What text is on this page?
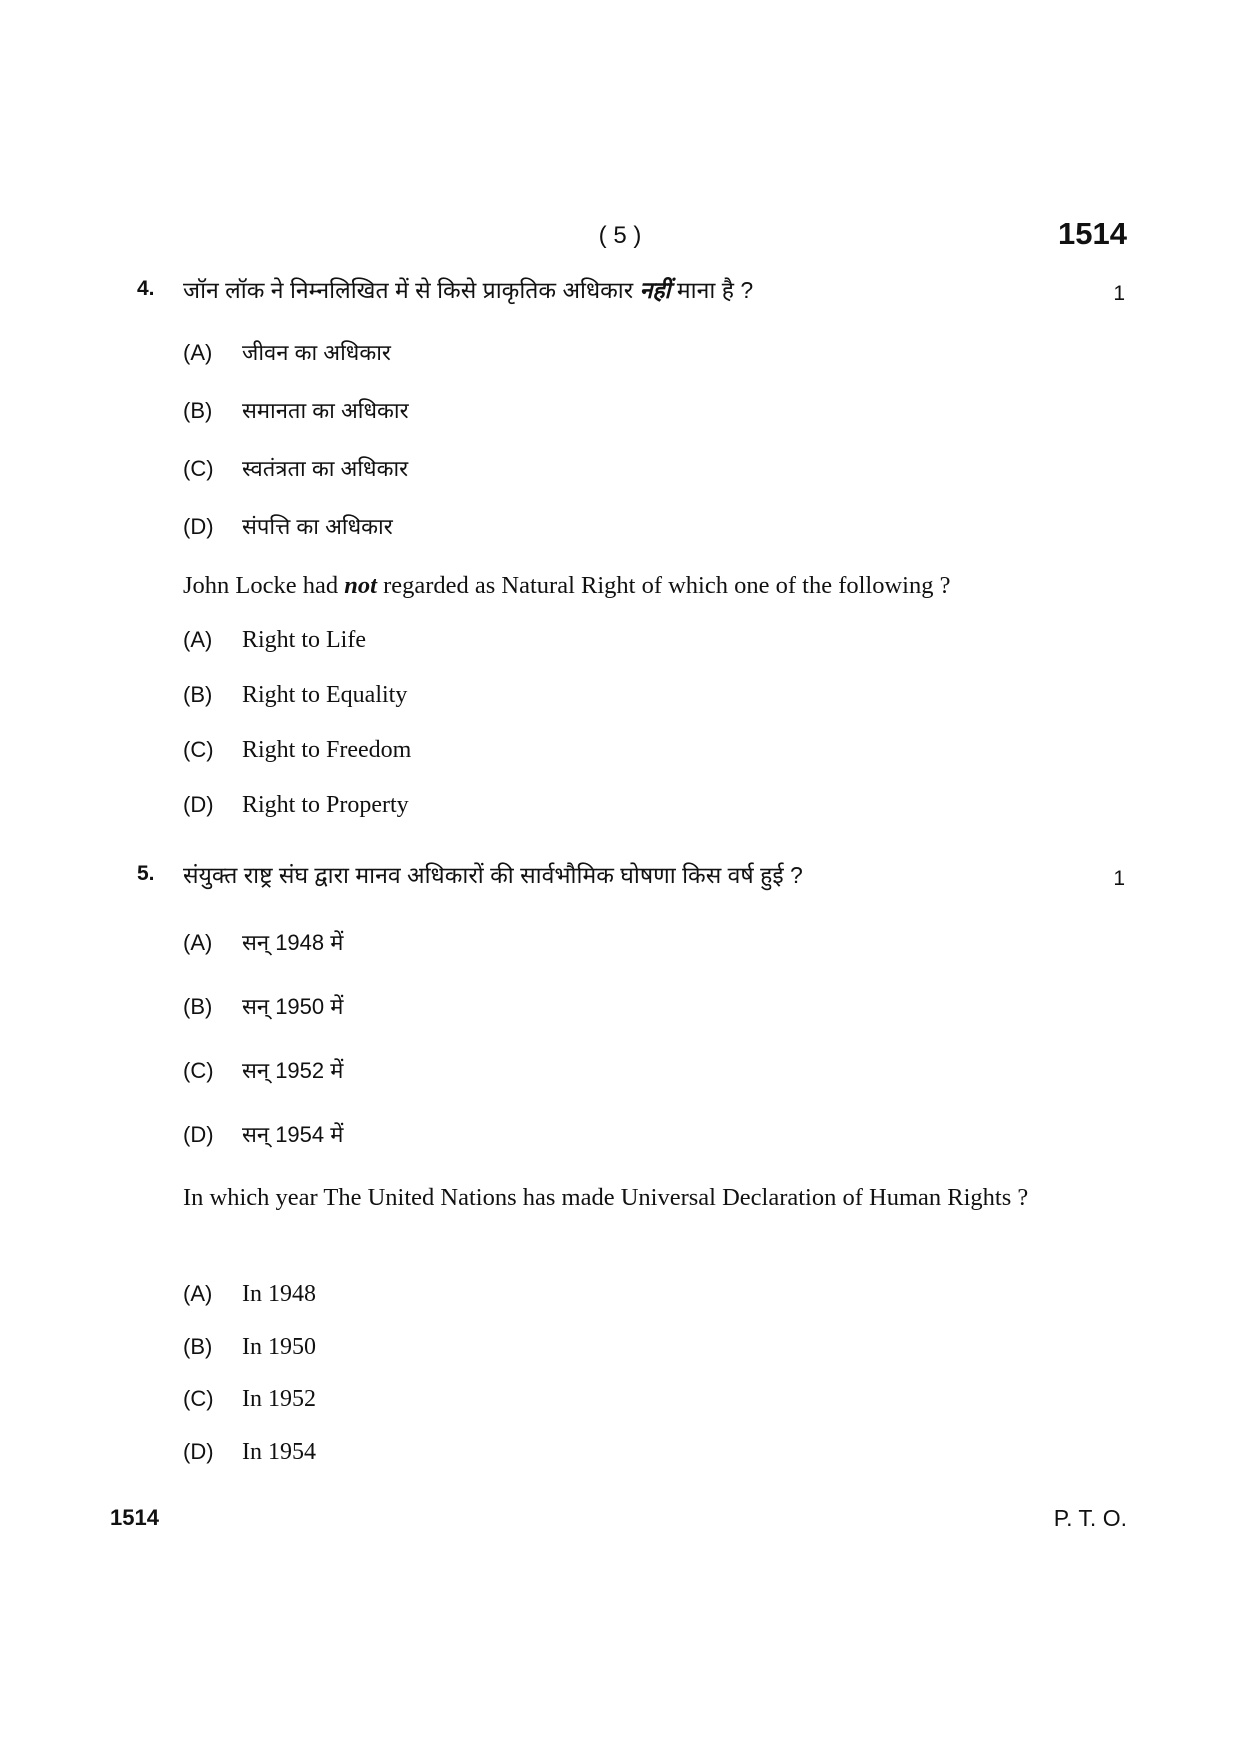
( 5 )	1514
4. जॉन लॉक ने निम्नलिखित में से किसे प्राकृतिक अधिकार नहीं माना है ?	1
(A)	जीवन का अधिकार
(B)	समानता का अधिकार
(C)	स्वतंत्रता का अधिकार
(D)	संपत्ति का अधिकार
John Locke had not regarded as Natural Right of which one of the following ?
(A)	Right to Life
(B)	Right to Equality
(C)	Right to Freedom
(D)	Right to Property
5. संयुक्त राष्ट्र संघ द्वारा मानव अधिकारों की सार्वभौमिक घोषणा किस वर्ष हुई ?	1
(A)	सन् 1948 में
(B)	सन् 1950 में
(C)	सन् 1952 में
(D)	सन् 1954 में
In which year The United Nations has made Universal Declaration of Human Rights ?
(A)	In 1948
(B)	In 1950
(C)	In 1952
(D)	In 1954
1514	P. T. O.
